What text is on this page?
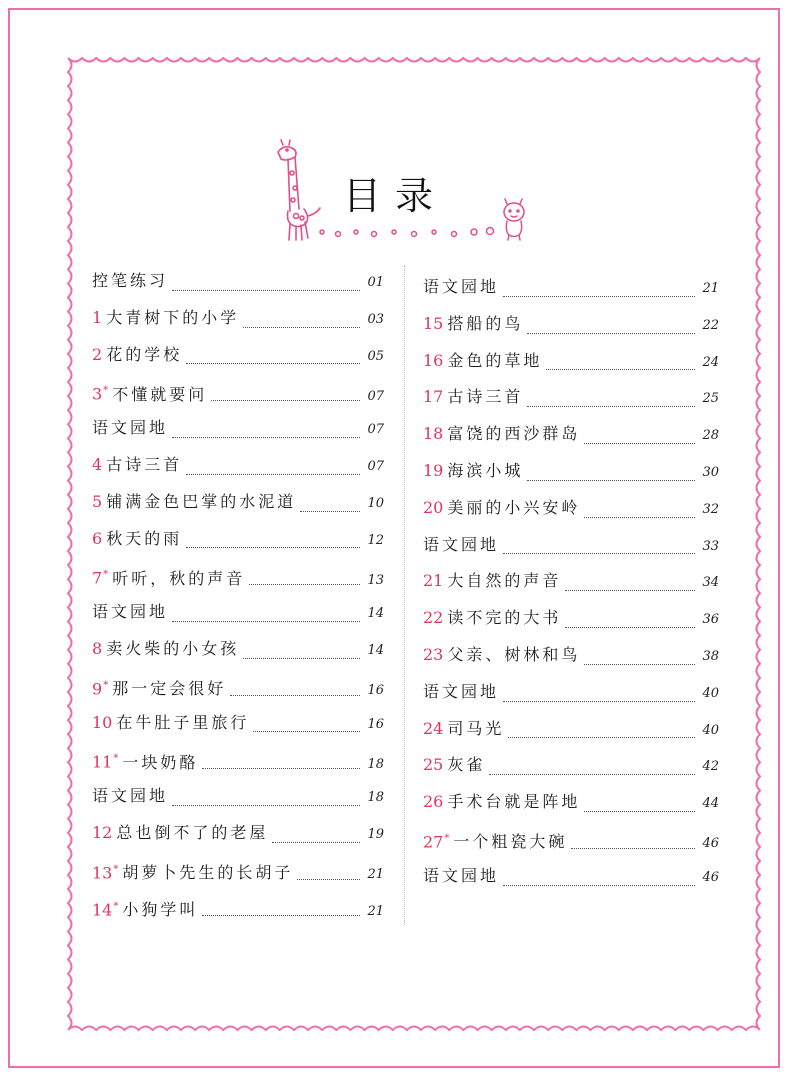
目录
控笔练习	01
1 大青树下的小学	03
2 花的学校	05
3* 不懂就要问	07
语文园地	07
4 古诗三首	07
5 铺满金色巴掌的水泥道	10
6 秋天的雨	12
7* 听听，秋的声音	13
语文园地	14
8 卖火柴的小女孩	14
9* 那一定会很好	16
10 在牛肚子里旅行	16
11* 一块奶酪	18
语文园地	18
12 总也倒不了的老屋	19
13* 胡萝卜先生的长胡子	21
14* 小狗学叫	21
语文园地	21
15 搭船的鸟	22
16 金色的草地	24
17 古诗三首	25
18 富饶的西沙群岛	28
19 海滨小城	30
20 美丽的小兴安岭	32
语文园地	33
21 大自然的声音	34
22 读不完的大书	36
23 父亲、树林和鸟	38
语文园地	40
24 司马光	40
25 灰雀	42
26 手术台就是阵地	44
27* 一个粗瓷大碗	46
语文园地	46
